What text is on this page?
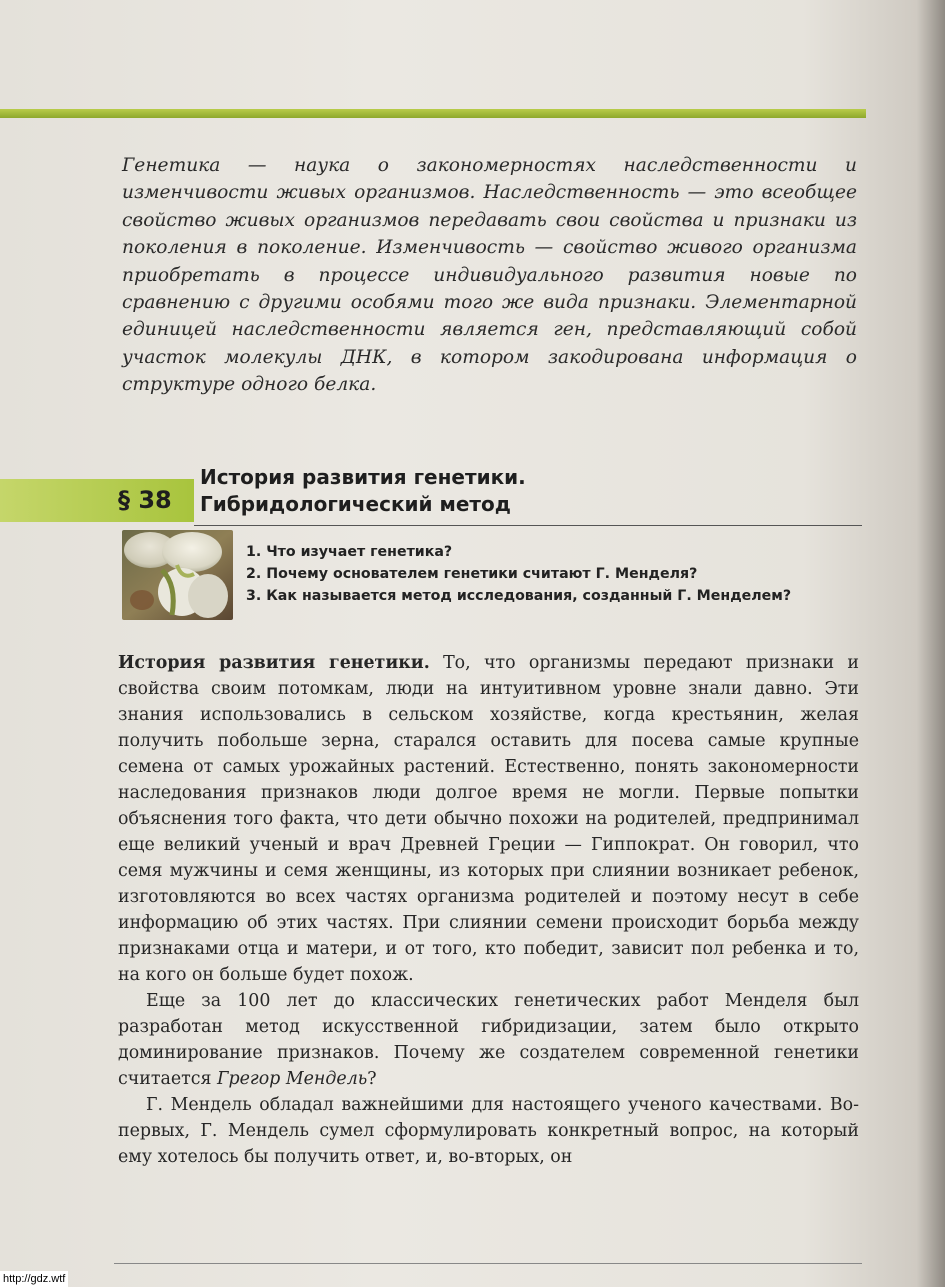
Генетика — наука о закономерностях наследственности и изменчивости живых организмов. Наследственность — это всеобщее свойство живых организмов передавать свои свойства и признаки из поколения в поколение. Изменчивость — свойство живого организма приобретать в процессе индивидуального развития новые по сравнению с другими особями того же вида признаки. Элементарной единицей наследственности является ген, представляющий собой участок молекулы ДНК, в котором закодирована информация о структуре одного белка.

§ 38
История развития генетики.
Гибридологический метод
1. Что изучает генетика?
2. Почему основателем генетики считают Г. Менделя?
3. Как называется метод исследования, созданный Г. Менделем?

История развития генетики. То, что организмы передают признаки и свойства своим потомкам, люди на интуитивном уровне знали давно. Эти знания использовались в сельском хозяйстве, когда крестьянин, желая получить побольше зерна, старался оставить для посева самые крупные семена от самых урожайных растений. Естественно, понять закономерности наследования признаков люди долгое время не могли. Первые попытки объяснения того факта, что дети обычно похожи на родителей, предпринимал еще великий ученый и врач Древней Греции — Гиппократ. Он говорил, что семя мужчины и семя женщины, из которых при слиянии возникает ребенок, изготовляются во всех частях организма родителей и поэтому несут в себе информацию об этих частях. При слиянии семени происходит борьба между признаками отца и матери, и от того, кто победит, зависит пол ребенка и то, на кого он больше будет похож.

Еще за 100 лет до классических генетических работ Менделя был разработан метод искусственной гибридизации, затем было открыто доминирование признаков. Почему же создателем современной генетики считается Грегор Мендель?

Г. Мендель обладал важнейшими для настоящего ученого качествами. Во-первых, Г. Мендель сумел сформулировать конкретный вопрос, на который ему хотелось бы получить ответ, и, во-вторых, он

http://gdz.wtf
